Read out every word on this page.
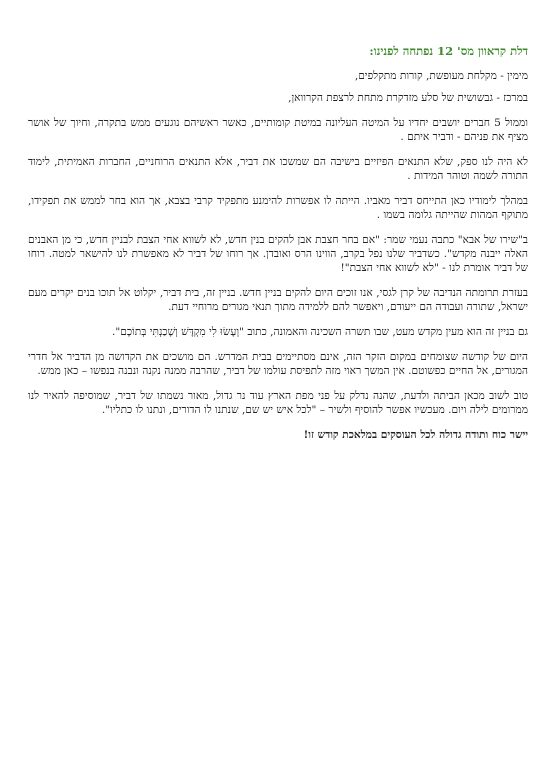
דלת קראוון מס' 12 נפתחה לפנינו:
מימין - מקלחת מעופשת, קורות מתקלפים,
במרכז - גבשושית של סלע מזדקרת מתחת לרצפת הקרוואן,
וממול 5 חברים יושבים יחדיו על המיטה העליונה במיטת קומותיים, כאשר ראשיהם נוגעים ממש בתקרה, וחיוך של אושר מציף את פניהם - ודביר איתם .
לא היה לנו ספק, שלא התנאים הפיזיים בישיבה הם שמשכו את דביר, אלא התנאים הרוחניים, החברות האמיתית, לימוד התורה לשמה וטוהר המידות .
במהלך לימודיו כאן התייחס דביר מאביו. הייתה לו אפשרות להימנע מתפקיד קרבי בצבא, אך הוא בחר לממש את תפקידו, מתוקף המהות שהייתה גלומה בשמו .
ב"שירו של אבא" כתבה נעמי שמר: "אם בחר חצבת אבן להקים בנין חדש, לא לשווא אחי הצבת לבניין חדש, כי מן האבנים האלה ייבנה מקדש". כשדביר שלנו נפל בקרב, הווינו הרס ואובדן. אך רוחו של דביר לא מאפשרת לנו להישאר למטה. רוחו של דביר אומרת לנו - "לא לשווא אחי הצבת"!
בעזרת תרומתה הנדיבה של קרן לגסי, אנו זוכים היום להקים בניין חדש. בניין זה, בית דביר, יקלוט אל תוכו בנים יקרים מעם ישראל, שתורה ועבודה הם ייעודם, ויאפשר להם ללמידה מתוך תנאי מגורים מרוחיי דעת.
גם בניין זה הוא מעין מקדש מעט, שבו תשרה השכינה והאמונה, כתוב "וְעָשׂוּ לִי מִקְדָּשׁ וְשָׁכַנְתִּי בְּתוֹכָם".
היום של קודשה שצומחים במקום הזקר הזה, אינם מסתיימים בבית המדרש. הם מושכים את הקדושה מן הדביר אל חדרי המגורים, אל החיים כפשוטם. אין המשך ראוי מזה לתפיסת עולמו של דביר, שהרבה ממנה נקנה ונבנה בנפשו – כאן ממש.
טוב לשוב מכאן הביתה ולדעת, שהנה נדלק על פני מפת הארץ עוד נר גדול, מאור נשמתו של דביר, שמוסיפה להאיר לנו ממרומים לילה ויום. מעכשיו אפשר להוסיף ולשיר – "לכל איש יש שם, שנתנו לו הדורים, ונתנו לו כתליו".
יישר כוח ותודה גדולה לכל העוסקים במלאכת קודש זו!
